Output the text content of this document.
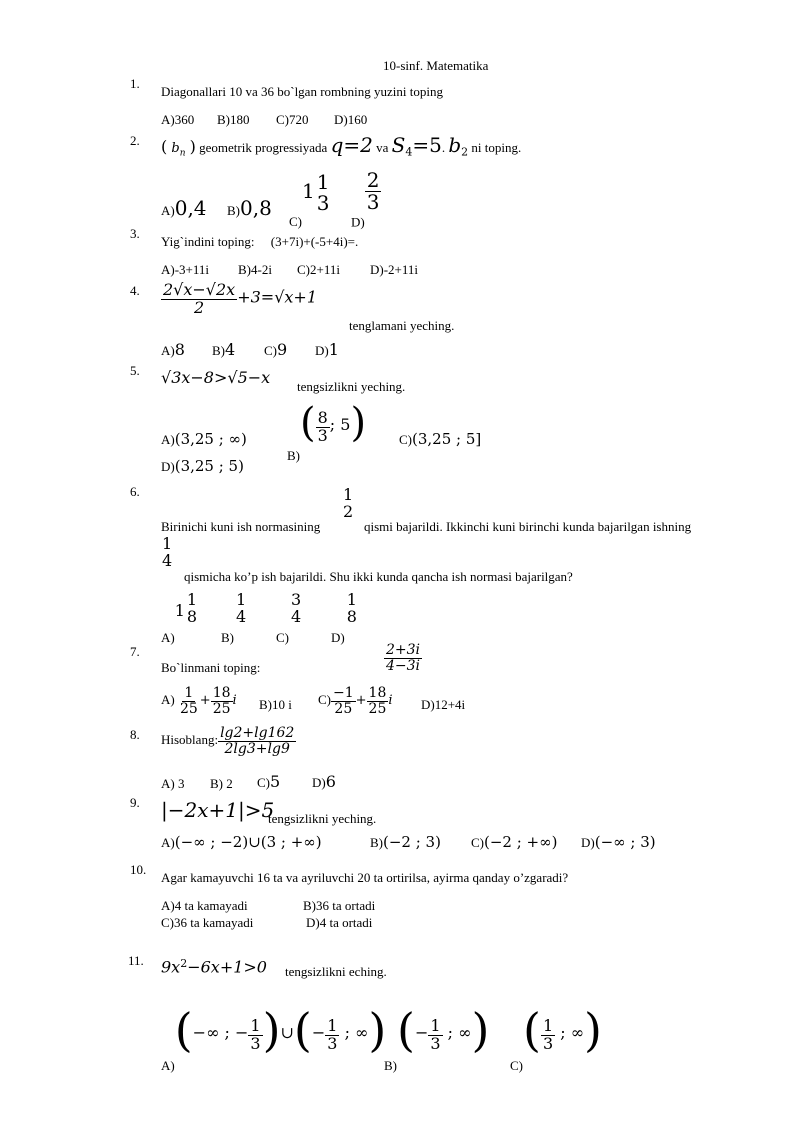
10-sinf. Matematika
1.
Diagonallari 10 va 36 bo`lgan rombning yuzini toping
A)360 B)180 C)720 D)160
2. ( $b_n$ ) geometrik progressiyada q=2 va $S_4=5$. $b_2$ ni toping.
A)0,4 B)0,8
C)1 1
3
D)
$\frac{2}{3}$
3.
Yig`indini toping: (3+7i)+(-5+4i)=.
A)-3+11i B)4-2i C)2+11i D)-2+11i
4. $\frac{2√x-√2x}{2} +3=√x+1$
tenglamani yeching.
A)8 B)4 C)9 D)1
5. √3x−8>√5−x tengsizlikni yeching.
A)(3,25 ; ∞)
$B)( \frac{8}{3}$ ; 5)	C)(3,25 ; 5]
D)(3,25 ; 5)
6.	1
2
Birinichi kuni ish normasining	qismi bajarildi. Ikkinchi kuni birinchi kunda bajarilgan ishning
1
4
qismicha ko’p ish bajarildi. Shu ikki kunda qancha ish normasi bajarilgan?
A)1
1
8
B)
1
4
C)
3
4
D)
1
8
7.
Bo`linmani toping:	$\frac{2+3i}{4-3i}$
$A) \frac{1}{25} + \frac{18}{25}$ i B)10 i $C) \frac{-1}{25} + \frac{18}{25}$ i D)12+4i
8. Hisoblang: $\frac{\lg 2+\lg 162}{2\lg 3+\lg 9}$
A) 3 B) 2 C)5 D)6
9. |−2x+1|>5
tengsizlikni yeching.
A)(−∞ ; −2)∪(3 ; +∞)	B)(−2 ; 3) C)(−2 ; +∞) D)(−∞ ; 3)
10.
Agar kamayuvchi 16 ta va ayriluvchi 20 ta ortirilsa, ayirma qanday o’zgaradi?
A)4 ta kamayadi	B)36 ta ortadi
C)36 ta kamayadi	D)4 ta ortadi
11. $9x^2-6x+1>0$ tengsizlikni eching.
A)(−∞ ; − $\frac{1}{3}$ )∪(− $\frac{1}{3}$ ; ∞)
$B)(- \frac{1}{3}$ ; ∞)
$C)( \frac{1}{3}$ ; ∞)
